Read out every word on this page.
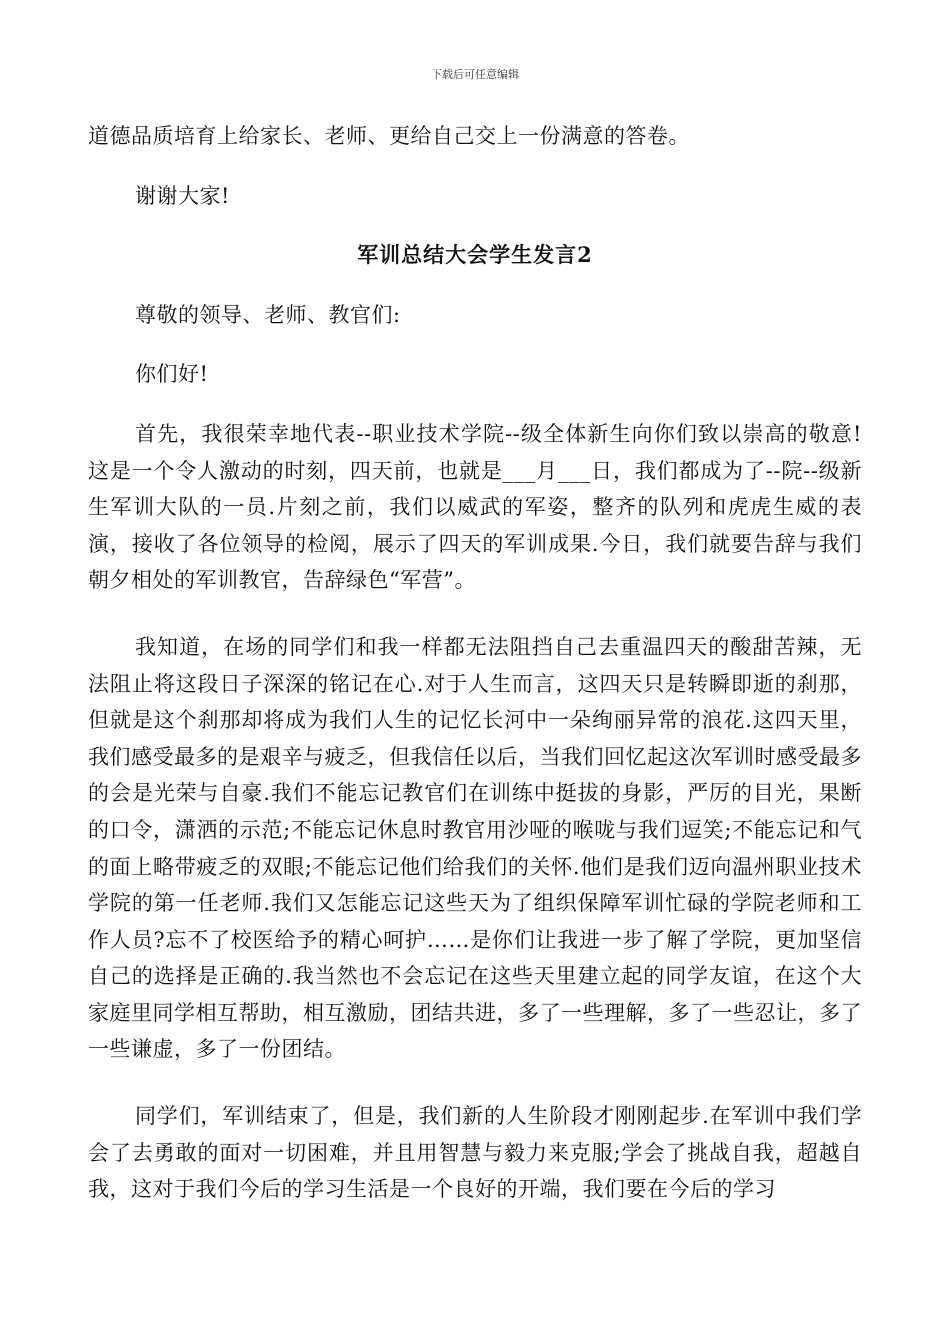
下载后可任意编辑

道德品质培育上给家长、老师、更给自己交上一份满意的答卷。

谢谢大家!

军训总结大会学生发言2

尊敬的领导、老师、教官们:

你们好!

首先，我很荣幸地代表--职业技术学院--级全体新生向你们致以崇高的敬意!这是一个令人激动的时刻，四天前，也就是___月___日，我们都成为了--院--级新生军训大队的一员.片刻之前，我们以威武的军姿，整齐的队列和虎虎生威的表演，接收了各位领导的检阅，展示了四天的军训成果.今日，我们就要告辞与我们朝夕相处的军训教官，告辞绿色“军营”。

我知道，在场的同学们和我一样都无法阻挡自己去重温四天的酸甜苦辣，无法阻止将这段日子深深的铭记在心.对于人生而言，这四天只是转瞬即逝的刹那，但就是这个刹那却将成为我们人生的记忆长河中一朵绚丽异常的浪花.这四天里，我们感受最多的是艰辛与疲乏，但我信任以后，当我们回忆起这次军训时感受最多的会是光荣与自豪.我们不能忘记教官们在训练中挺拔的身影，严厉的目光，果断的口令，潇洒的示范;不能忘记休息时教官用沙哑的喉咙与我们逗笑;不能忘记和气的面上略带疲乏的双眼;不能忘记他们给我们的关怀.他们是我们迈向温州职业技术学院的第一任老师.我们又怎能忘记这些天为了组织保障军训忙碌的学院老师和工作人员?忘不了校医给予的精心呵护……是你们让我进一步了解了学院，更加坚信自己的选择是正确的.我当然也不会忘记在这些天里建立起的同学友谊，在这个大家庭里同学相互帮助，相互激励，团结共进，多了一些理解，多了一些忍让，多了一些谦虚，多了一份团结。

同学们，军训结束了，但是，我们新的人生阶段才刚刚起步.在军训中我们学会了去勇敢的面对一切困难，并且用智慧与毅力来克服;学会了挑战自我，超越自我，这对于我们今后的学习生活是一个良好的开端，我们要在今后的学习
